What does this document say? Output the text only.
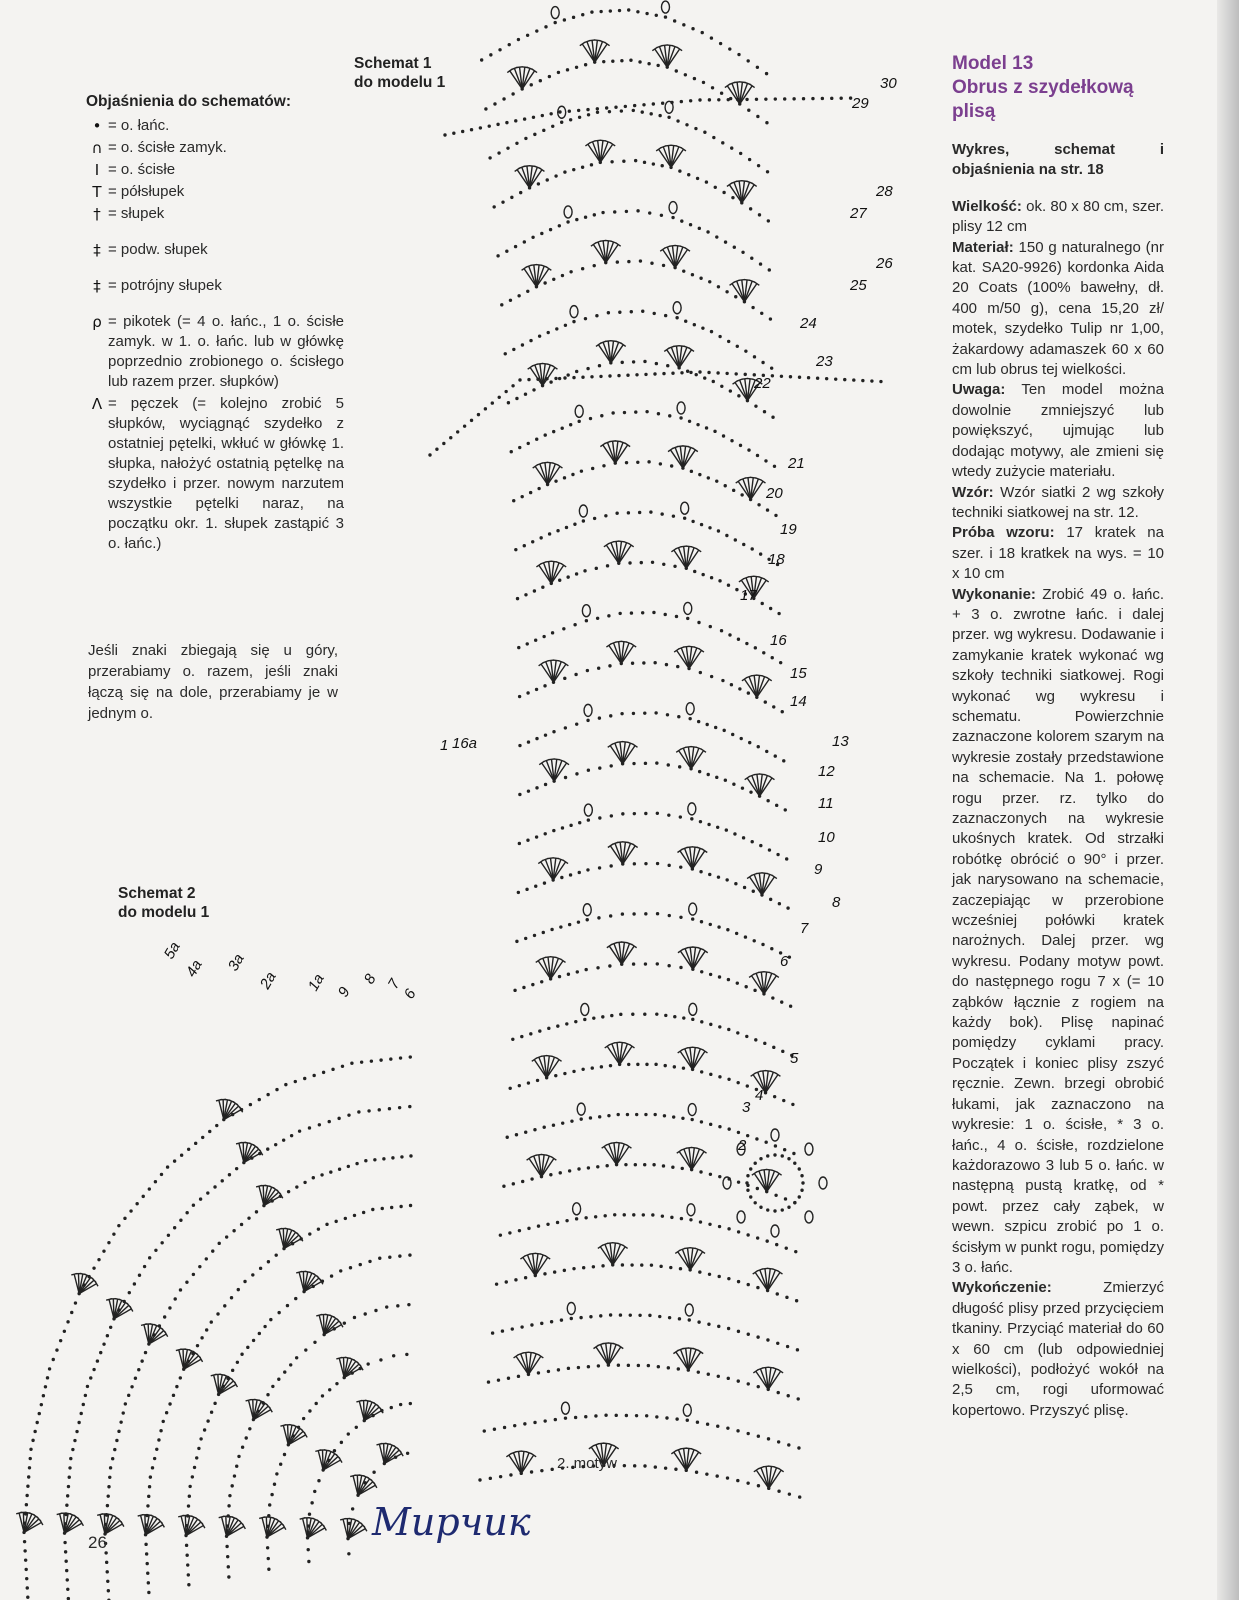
30
29
28
27
26
25
24
23
22
21
20
19
18
17
16
15
14
13
12
11
10
9
8
7
6
5
4
3
2
1 16a
5a
4a 3a
2a 1a 9
8 7
6
Objaśnienia do schematów:
• = o. łańc.
∩ = o. ścisłe zamyk.
I = o. ścisłe
T = półsłupek
† = słupek
‡ = podw. słupek
‡ = potrójny słupek
ρ = pikotek (= 4 o. łańc., 1 o. ścisłe zamyk. w 1. o. łańc. lub w główkę poprzednio zrobionego o. ścisłego lub razem przer. słupków)
Λ = pęczek (= kolejno zrobić 5 słupków, wyciągnąć szydełko z ostatniej pętelki, wkłuć w główkę 1. słupka, nałożyć ostatnią pętelkę na szydełko i przer. nowym narzutem wszystkie pętelki naraz, na początku okr. 1. słupek zastąpić 3 o. łańc.)
Jeśli znaki zbiegają się u góry, przerabiamy o. razem, jeśli znaki łączą się na dole, przerabiamy je w jednym o.
Schemat 1
do modelu 1
Schemat 2
do modelu 1
2. motyw
Model 13
Obrus z szydełkową plisą

Wykres, schemat i objaśnienia na str. 18

Wielkość: ok. 80 x 80 cm, szer. plisy 12 cm

Materiał: 150 g naturalnego (nr kat. SA20-9926) kordonka Aida 20 Coats (100% bawełny, dł. 400 m/50 g), cena 15,20 zł/ motek, szydełko Tulip nr 1,00, żakardowy adamaszek 60 x 60 cm lub obrus tej wielkości.

Uwaga: Ten model można dowolnie zmniejszyć lub powiększyć, ujmując lub dodając motywy, ale zmieni się wtedy zużycie materiału.

Wzór: Wzór siatki 2 wg szkoły techniki siatkowej na str. 12.

Próba wzoru: 17 kratek na szer. i 18 kratkek na wys. = 10 x 10 cm

Wykonanie: Zrobić 49 o. łańc. + 3 o. zwrotne łańc. i dalej przer. wg wykresu. Dodawanie i zamykanie kratek wykonać wg szkoły techniki siatkowej. Rogi wykonać wg wykresu i schematu. Powierzchnie zaznaczone kolorem szarym na wykresie zostały przedstawione na schemacie. Na 1. połowę rogu przer. rz. tylko do zaznaczonych na wykresie ukośnych kratek. Od strzałki robótkę obrócić o 90° i przer. jak narysowano na schemacie, zaczepiając w przerobione wcześniej połówki kratek narożnych. Dalej przer. wg wykresu. Podany motyw powt. do następnego rogu 7 x (= 10 ząbków łącznie z rogiem na każdy bok). Plisę napinać pomiędzy cyklami pracy. Początek i koniec plisy zszyć ręcznie. Zewn. brzegi obrobić łukami, jak zaznaczono na wykresie: 1 o. ścisłe, * 3 o. łańc., 4 o. ścisłe, rozdzielone każdorazowo 3 lub 5 o. łańc. w następną pustą kratkę, od * powt. przez cały ząbek, w wewn. szpicu zrobić po 1 o. ścisłym w punkt rogu, pomiędzy 3 o. łańc.

Wykończenie:	Zmierzyć długość plisy przed przycięciem tkaniny. Przyciąć materiał do 60 x 60 cm (lub odpowiedniej wielkości), podłożyć wokół na 2,5 cm, rogi uformować kopertowo. Przyszyć plisę.

26	Мирчик
